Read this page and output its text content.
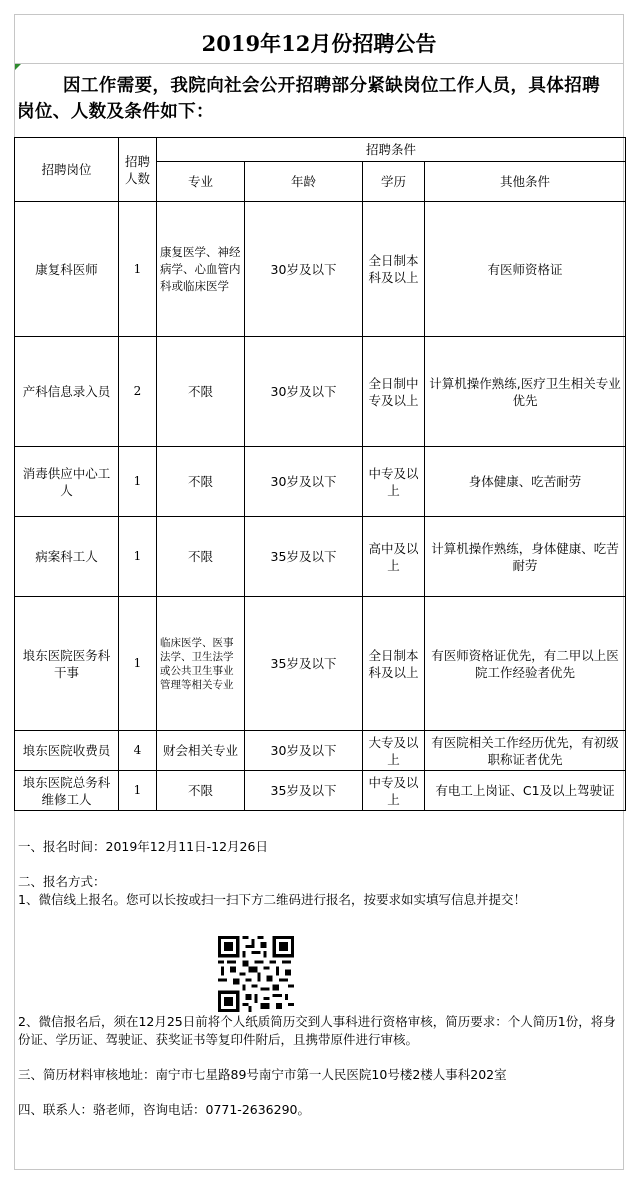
2019年12月份招聘公告
因工作需要，我院向社会公开招聘部分紧缺岗位工作人员，具体招聘岗位、人数及条件如下：
招聘岗位	招聘人数	招聘条件			
		专业	年龄	学历	其他条件
康复科医师	1	康复医学、神经病学、心血管内科或临床医学	30岁及以下	全日制本科及以上	有医师资格证
产科信息录入员	2	不限	30岁及以下	全日制中专及以上	计算机操作熟练,医疗卫生相关专业优先
消毒供应中心工人	1	不限	30岁及以下	中专及以上	身体健康、吃苦耐劳
病案科工人	1	不限	35岁及以下	高中及以上	计算机操作熟练，身体健康、吃苦耐劳
埌东医院医务科干事	1	临床医学、医事法学、卫生法学或公共卫生事业管理等相关专业	35岁及以下	全日制本科及以上	有医师资格证优先，有二甲以上医院工作经验者优先
埌东医院收费员	4	财会相关专业	30岁及以下	大专及以上	有医院相关工作经历优先，有初级职称证者优先
埌东医院总务科维修工人	1	不限	35岁及以下	中专及以上	有电工上岗证、C1及以上驾驶证

一、报名时间：2019年12月11日-12月26日

二、报名方式：

1、微信线上报名。您可以长按或扫一扫下方二维码进行报名，按要求如实填写信息并提交！

2、微信报名后，须在12月25日前将个人纸质简历交到人事科进行资格审核，简历要求：个人简历1份，将身份证、学历证、驾驶证、获奖证书等复印件附后，且携带原件进行审核。

三、简历材料审核地址：南宁市七星路89号南宁市第一人民医院10号楼2楼人事科202室

四、联系人：骆老师，咨询电话：0771-2636290。
